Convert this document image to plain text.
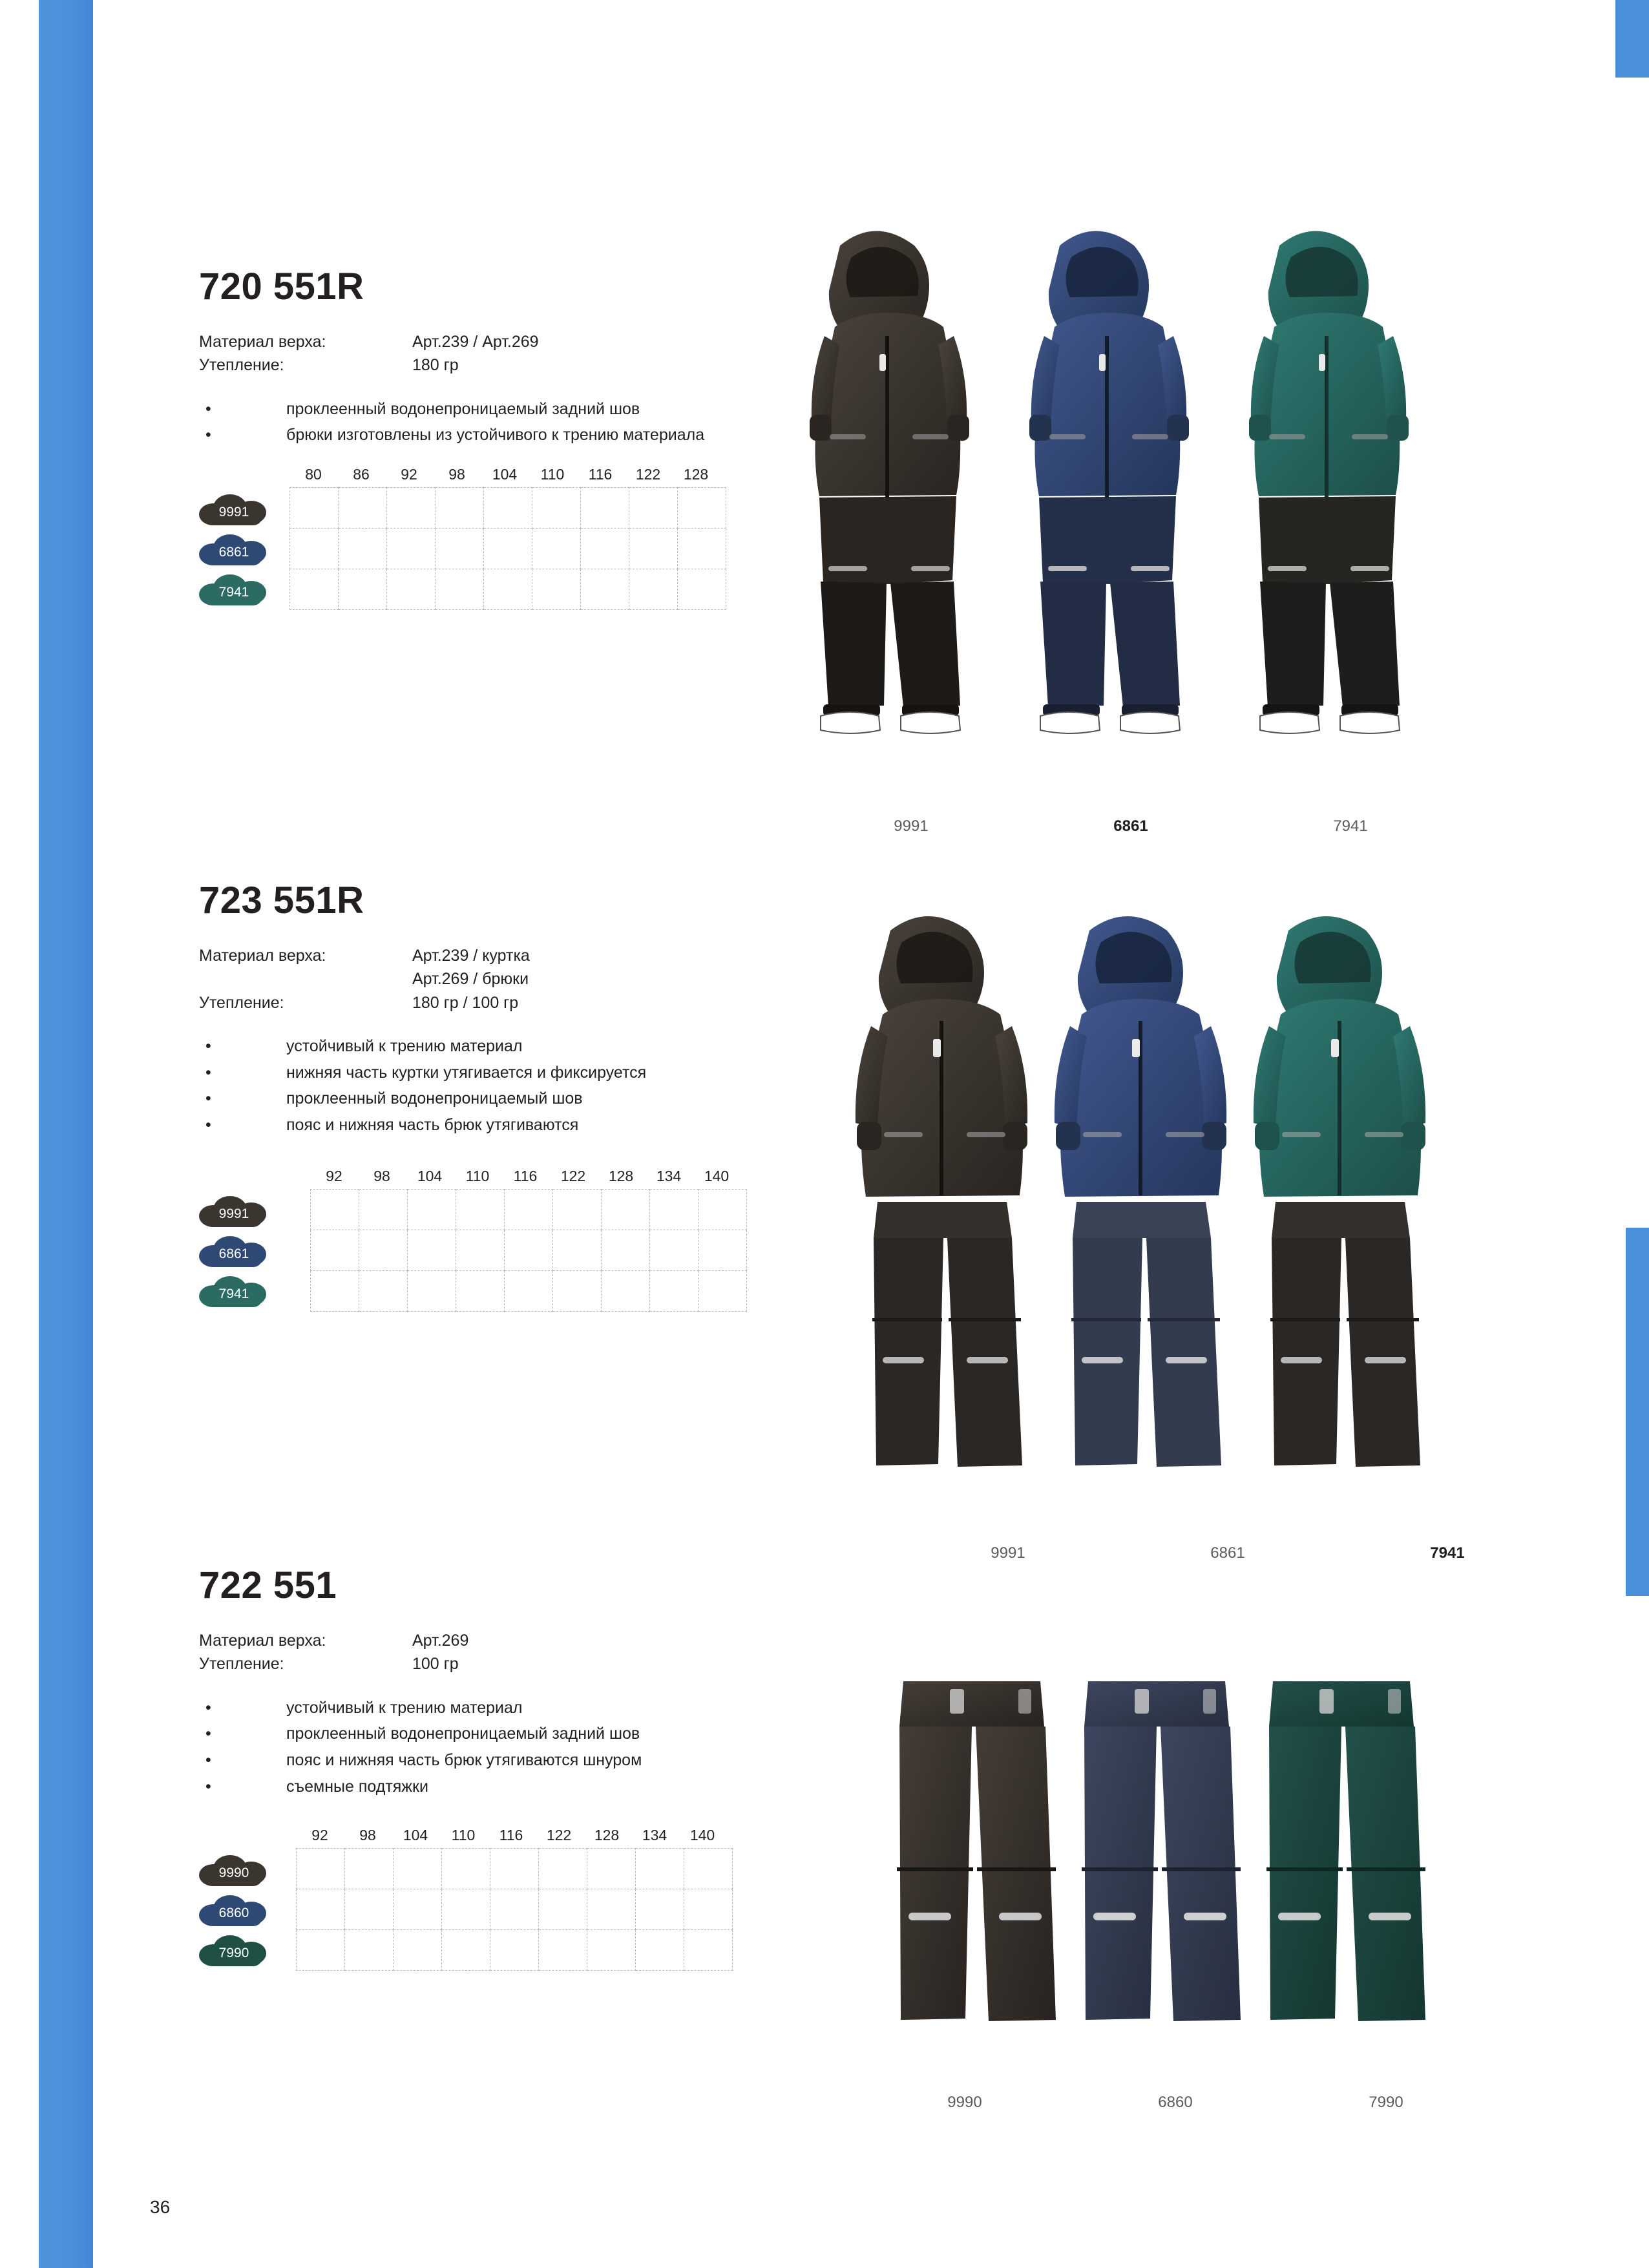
720 551R
Материал верха:	Арт.239 / Арт.269
Утепление:	180 гр
•	проклеенный водонепроницаемый задний шов
•	брюки изготовлены из устойчивого к трению материала
80	86	92	98	104	110	116	122	128
9991
6861
7941

9991	6861	7941
723 551R
Материал верха:	Арт.239 / куртка
Арт.269 / брюки
Утепление:	180 гр / 100 гр
•	устойчивый к трению материал
•	нижняя часть куртки утягивается и фиксируется
•	проклеенный водонепроницаемый шов
•	пояс и нижняя часть брюк утягиваются
92	98	104	110	116	122	128	134	140
9991
6861
7941

9991	6861	7941
722 551
Материал верха:	Арт.269
Утепление:	100 гр
•	устойчивый к трению материал
•	проклеенный водонепроницаемый задний шов
•	пояс и нижняя часть брюк утягиваются шнуром
•	съемные подтяжки
92	98	104	110	116	122	128	134	140
9990
6860
7990

9990	6860	7990
36
